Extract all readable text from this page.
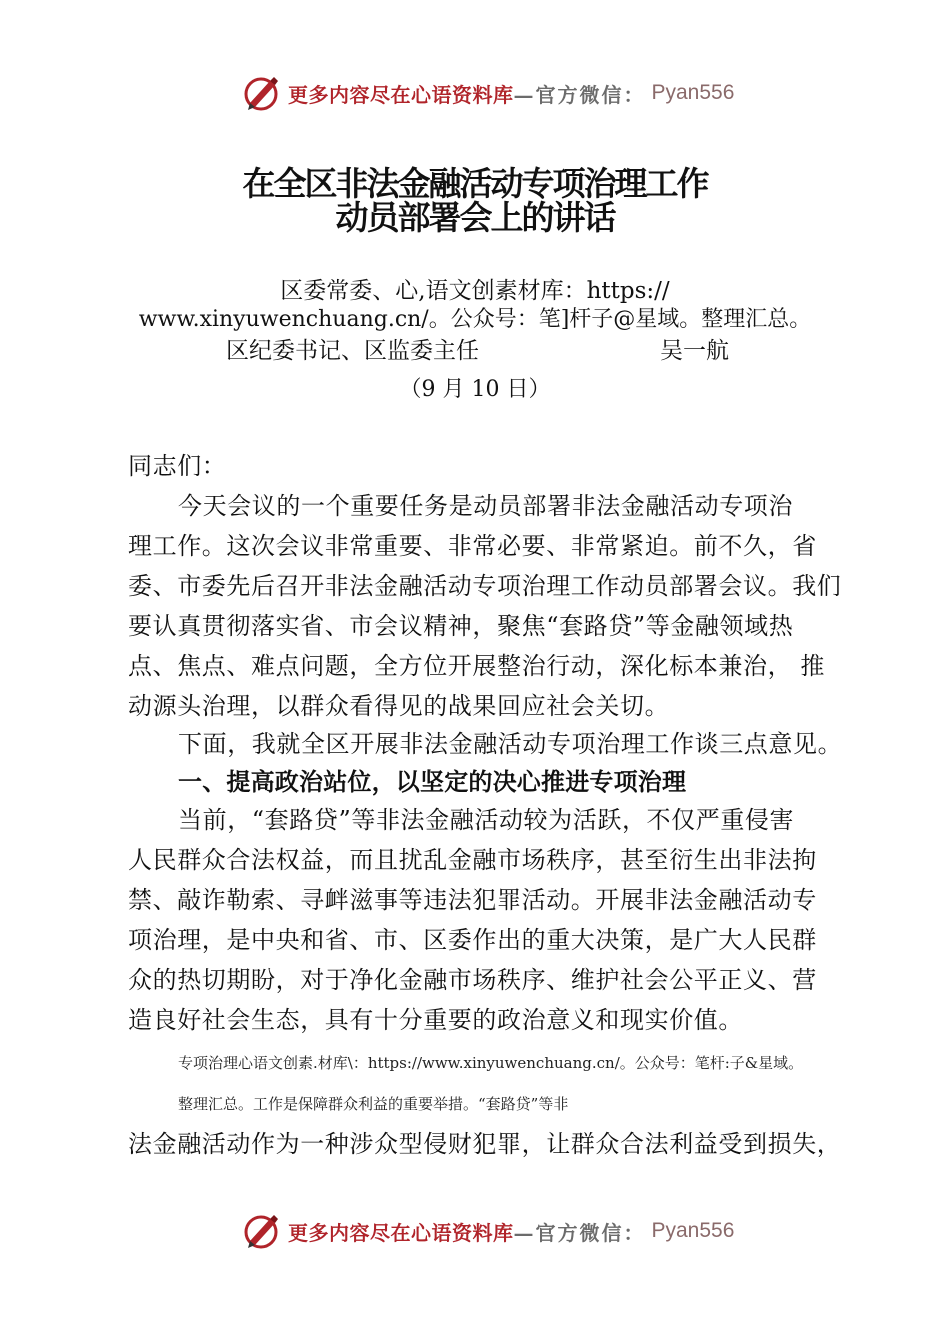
更多内容尽在心语资料库 —官方微信： Pyan556
在全区非法金融活动专项治理工作
动员部署会上的讲话
区委常委、心,语文创素材库：https://
www.xinyuwenchuang.cn/。公众号：笔]杆子@星域。整理汇总。
区纪委书记、区监委主任	吴一航
（9 月 10 日）
同志们：
今天会议的一个重要任务是动员部署非法金融活动专项治
理工作。这次会议非常重要、非常必要、非常紧迫。前不久，省
委、市委先后召开非法金融活动专项治理工作动员部署会议。我们
要认真贯彻落实省、市会议精神，聚焦“套路贷”等金融领域热
点、焦点、难点问题，全方位开展整治行动，深化标本兼治， 推
动源头治理，以群众看得见的战果回应社会关切。
下面，我就全区开展非法金融活动专项治理工作谈三点意见。
一、提高政治站位，以坚定的决心推进专项治理
当前，“套路贷”等非法金融活动较为活跃，不仅严重侵害
人民群众合法权益，而且扰乱金融市场秩序，甚至衍生出非法拘
禁、敲诈勒索、寻衅滋事等违法犯罪活动。开展非法金融活动专
项治理，是中央和省、市、区委作出的重大决策，是广大人民群
众的热切期盼，对于净化金融市场秩序、维护社会公平正义、营
造良好社会生态，具有十分重要的政治意义和现实价值。
专项治理心语文创素.材库\：https://www.xinyuwenchuang.cn/。公众号：笔杆:子&星域。
整理汇总。工作是保障群众利益的重要举措。“套路贷”等非
法金融活动作为一种涉众型侵财犯罪，让群众合法利益受到损失，
更多内容尽在心语资料库 —官方微信： Pyan556
